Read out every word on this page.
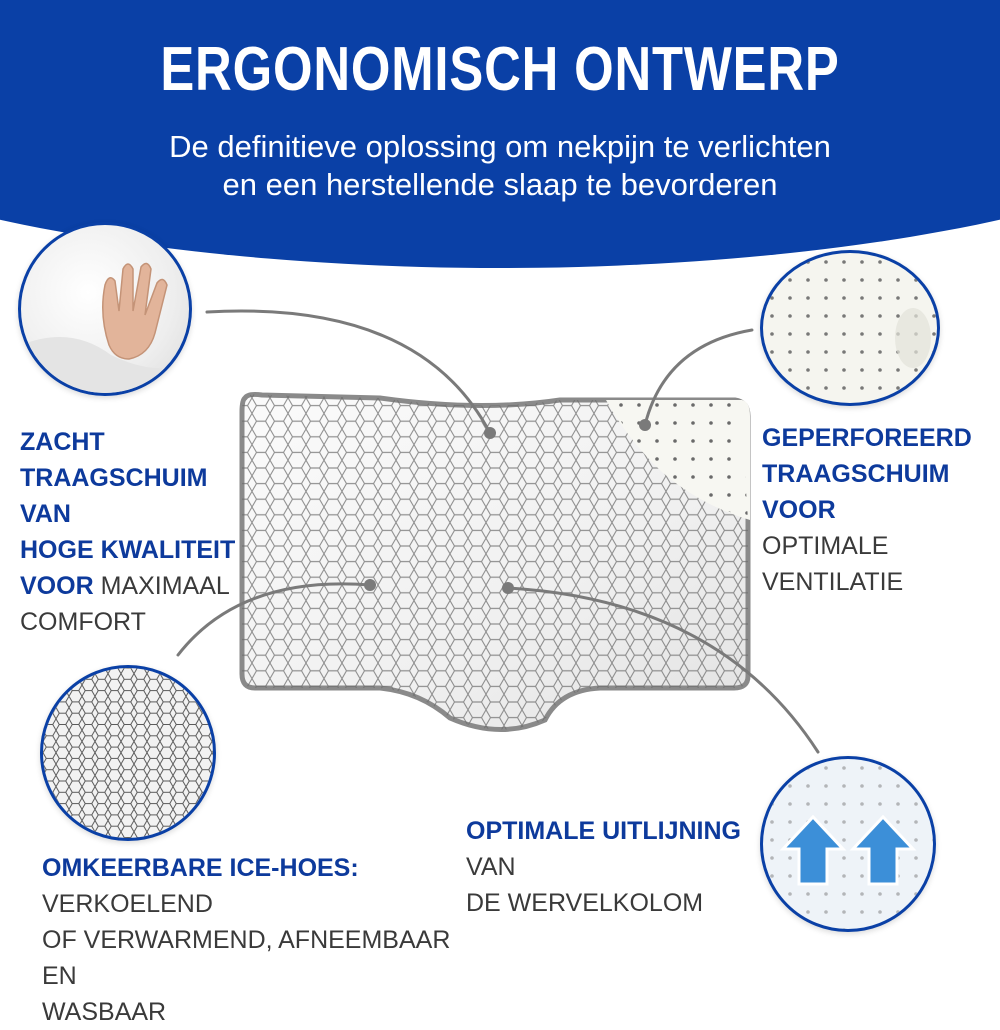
ERGONOMISCH ONTWERP
De definitieve oplossing om nekpijn te verlichten
en een herstellende slaap te bevorderen
ZACHT
TRAAGSCHUIM VAN
HOGE KWALITEIT
VOOR MAXIMAAL
COMFORT
GEPERFOREERD
TRAAGSCHUIM VOOR
OPTIMALE VENTILATIE
OMKEERBARE ICE-HOES: VERKOELEND
OF VERWARMEND, AFNEEMBAAR EN
WASBAAR
OPTIMALE UITLIJNING VAN
DE WERVELKOLOM
